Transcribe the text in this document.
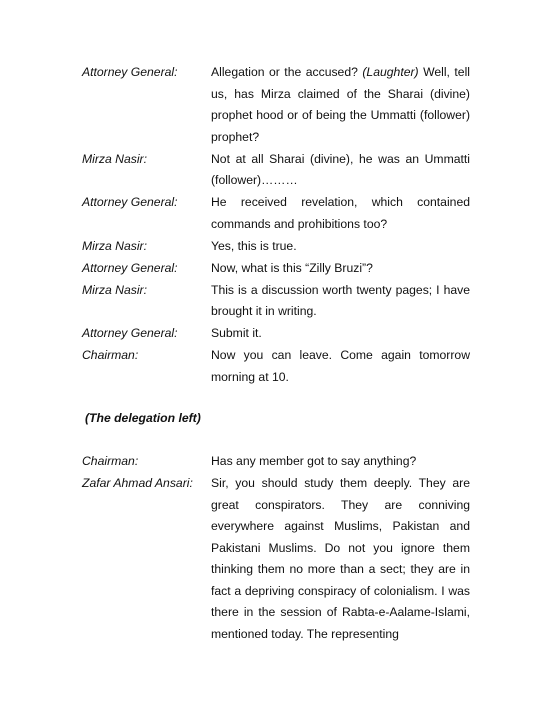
Attorney General:	Allegation or the accused? (Laughter) Well, tell us, has Mirza claimed of the Sharai (divine) prophet hood or of being the Ummatti (follower) prophet?
Mirza Nasir:	Not at all Sharai (divine), he was an Ummatti (follower)………
Attorney General:	He received revelation, which contained commands and prohibitions too?
Mirza Nasir:	Yes, this is true.
Attorney General:	Now, what is this “Zilly Bruzi”?
Mirza Nasir:	This is a discussion worth twenty pages; I have brought it in writing.
Attorney General:	Submit it.
Chairman:	Now you can leave. Come again tomorrow morning at 10.
(The delegation left)
Chairman:	Has any member got to say anything?
Zafar Ahmad Ansari:	Sir, you should study them deeply. They are great conspirators. They are conniving everywhere against Muslims, Pakistan and Pakistani Muslims. Do not you ignore them thinking them no more than a sect; they are in fact a depriving conspiracy of colonialism. I was there in the session of Rabta-e-Aalame-Islami, mentioned today. The representing
